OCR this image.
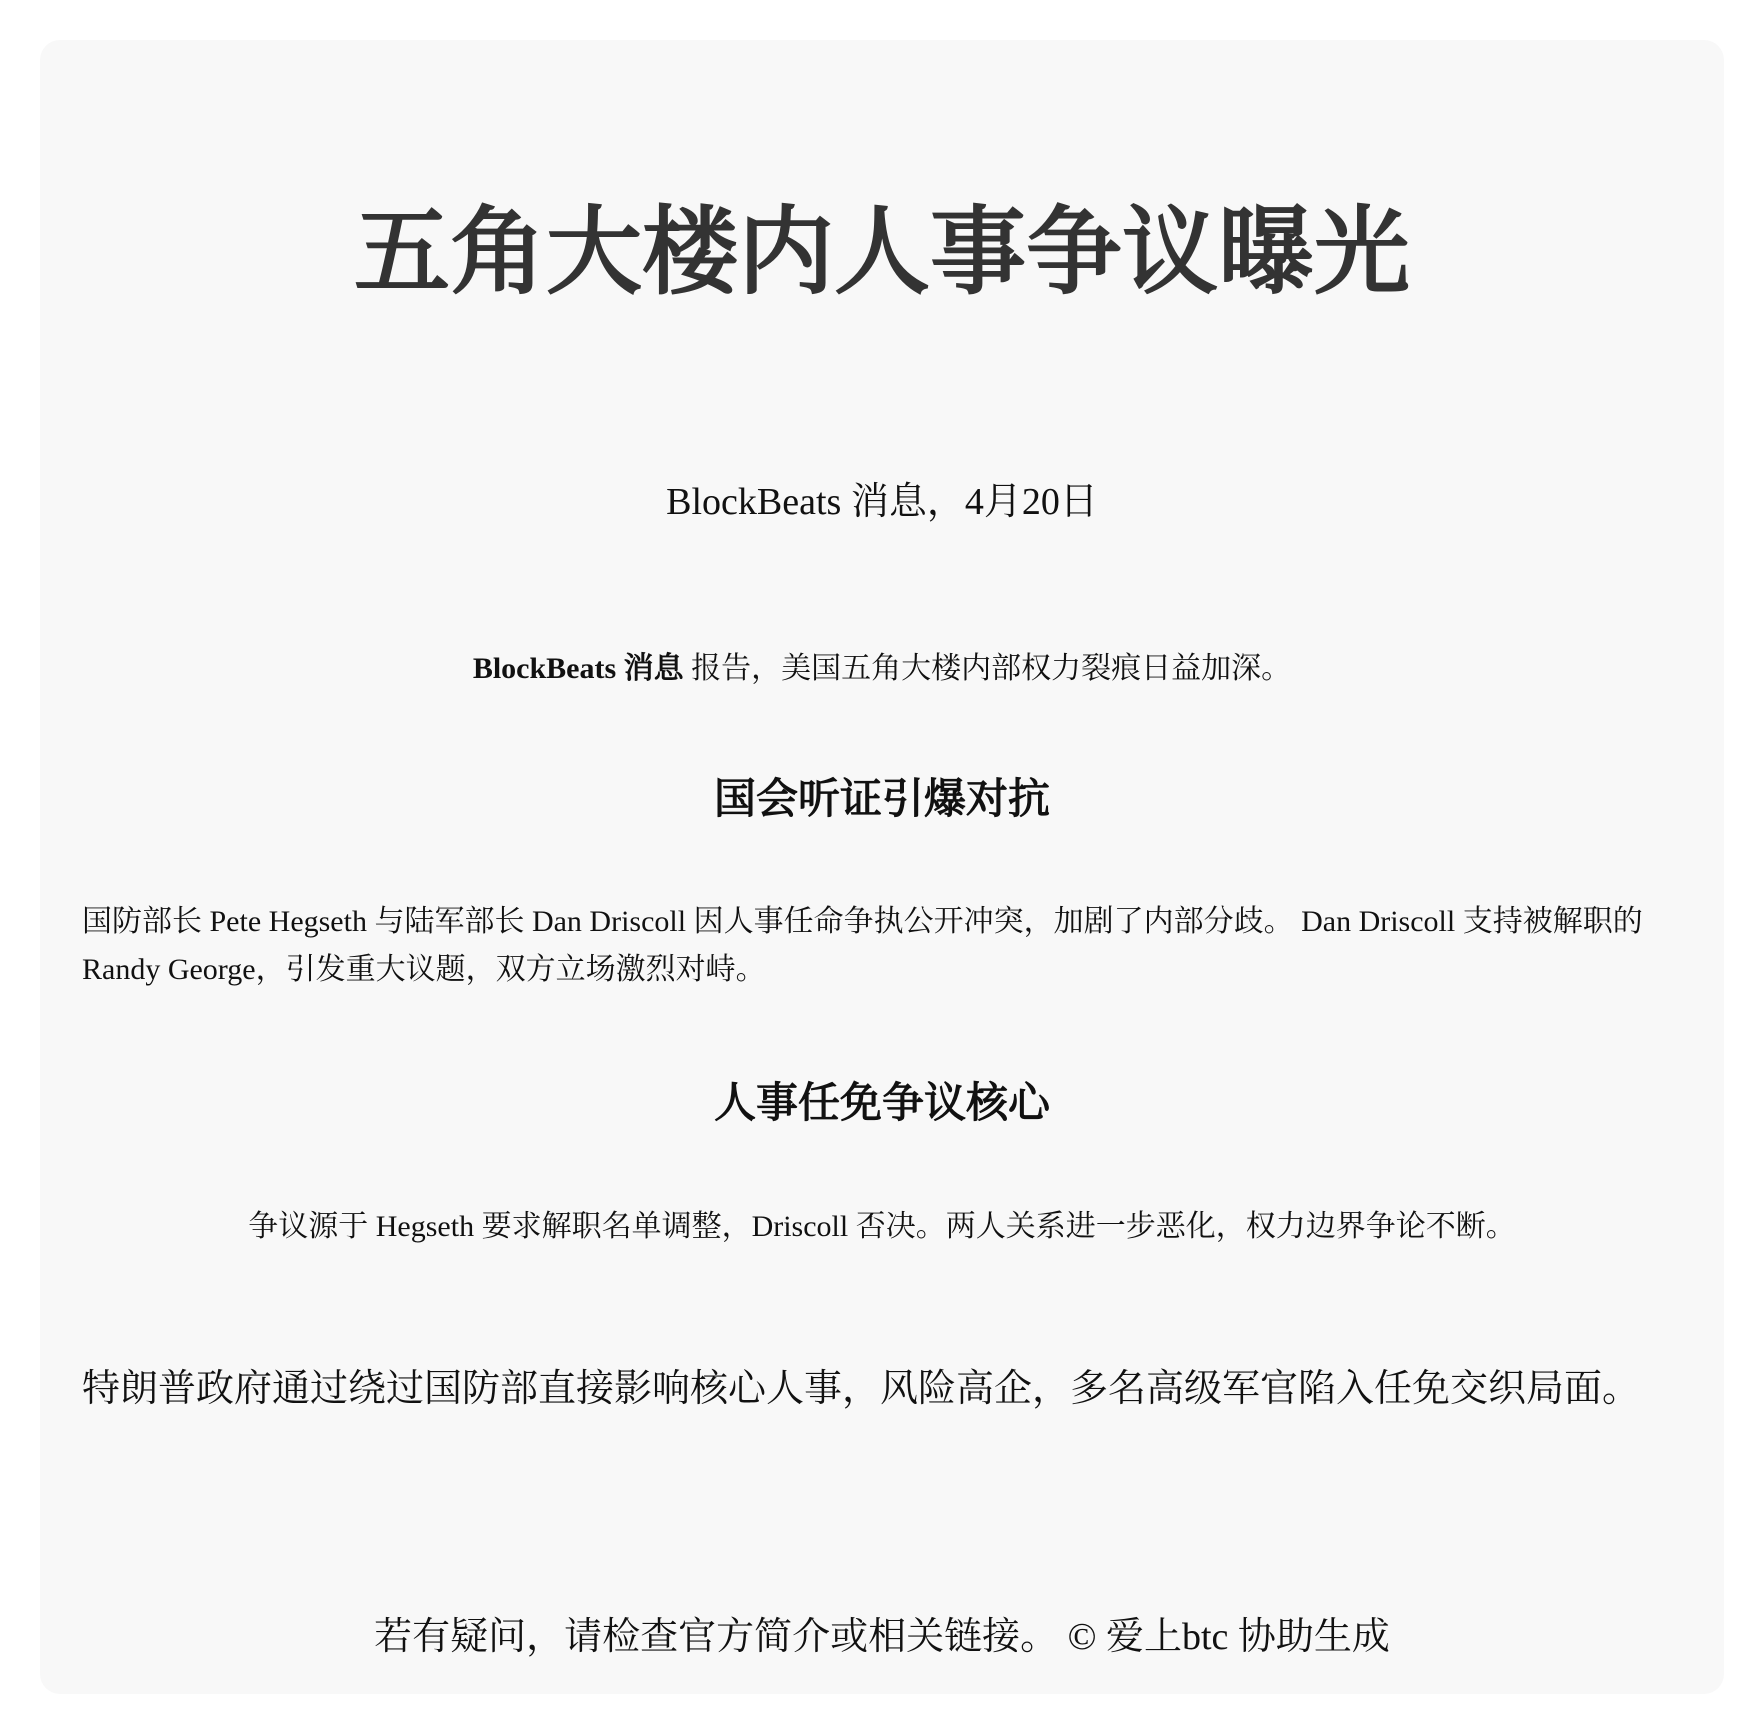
五角大楼内人事争议曝光
BlockBeats 消息，4月20日
BlockBeats 消息 报告，美国五角大楼内部权力裂痕日益加深。
国会听证引爆对抗

国防部长 Pete Hegseth 与陆军部长 Dan Driscoll 因人事任命争执公开冲突，加剧了内部分歧。 Dan Driscoll 支持被解职的 Randy George，引发重大议题，双方立场激烈对峙。

人事任免争议核心

争议源于 Hegseth 要求解职名单调整，Driscoll 否决。两人关系进一步恶化，权力边界争论不断。

特朗普政府通过绕过国防部直接影响核心人事，风险高企，多名高级军官陷入任免交织局面。

若有疑问，请检查官方简介或相关链接。 © 爱上btc 协助生成
